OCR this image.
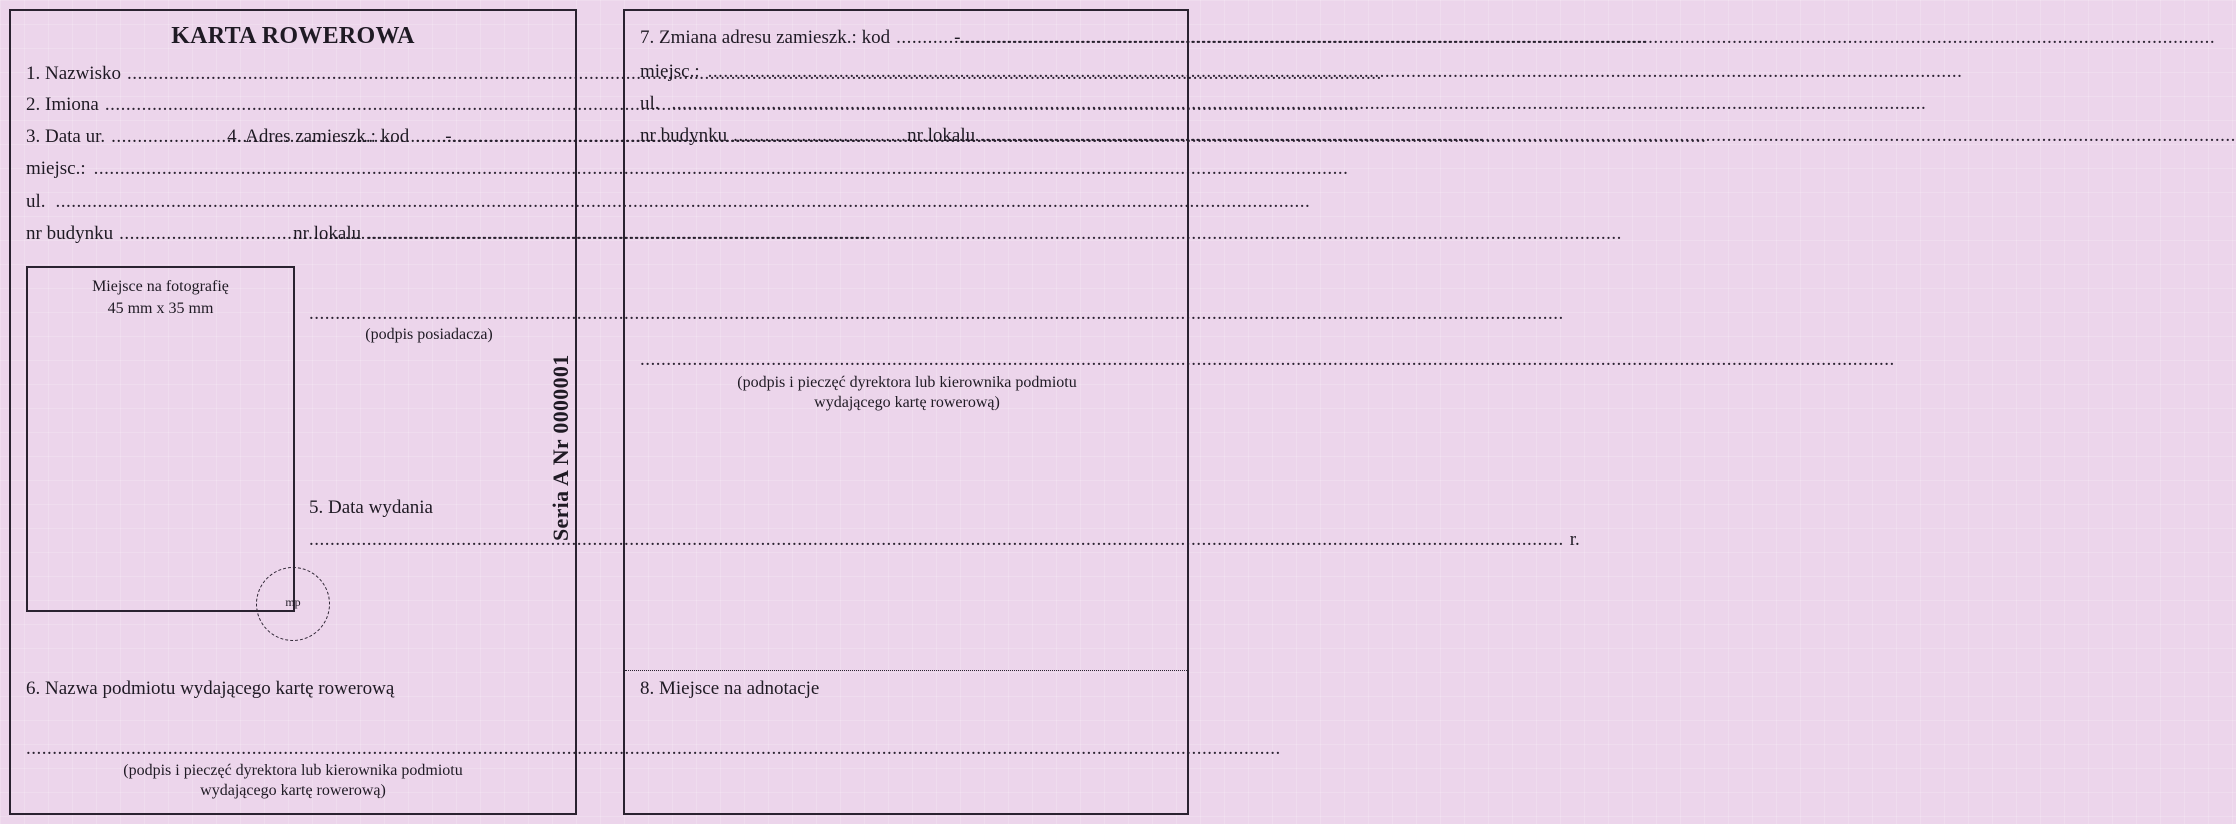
KARTA ROWEROWA
1. Nazwisko
.....
2. Imiona
.....
3. Data ur. .....	4. Adres zamieszk.: kod ..... -
.....
miejsc.:
.....
ul.
.....
nr budynku .....	nr lokalu
.....
Miejsce na fotografię
45 mm x 35 mm
.....
(podpis posiadacza)
5. Data wydania
.....
r.
mp
Seria A Nr 0000001
6. Nazwa podmiotu wydającego kartę rowerową
.....
(podpis i pieczęć dyrektora lub kierownika podmiotu
wydającego kartę rowerową)
7. Zmiana adresu zamieszk.: kod .....	-
.....
miejsc.:
.....
ul.
.....
nr budynku .....	nr lokalu
.....
.....
(podpis i pieczęć dyrektora lub kierownika podmiotu
wydającego kartę rowerową)
8. Miejsce na adnotacje
